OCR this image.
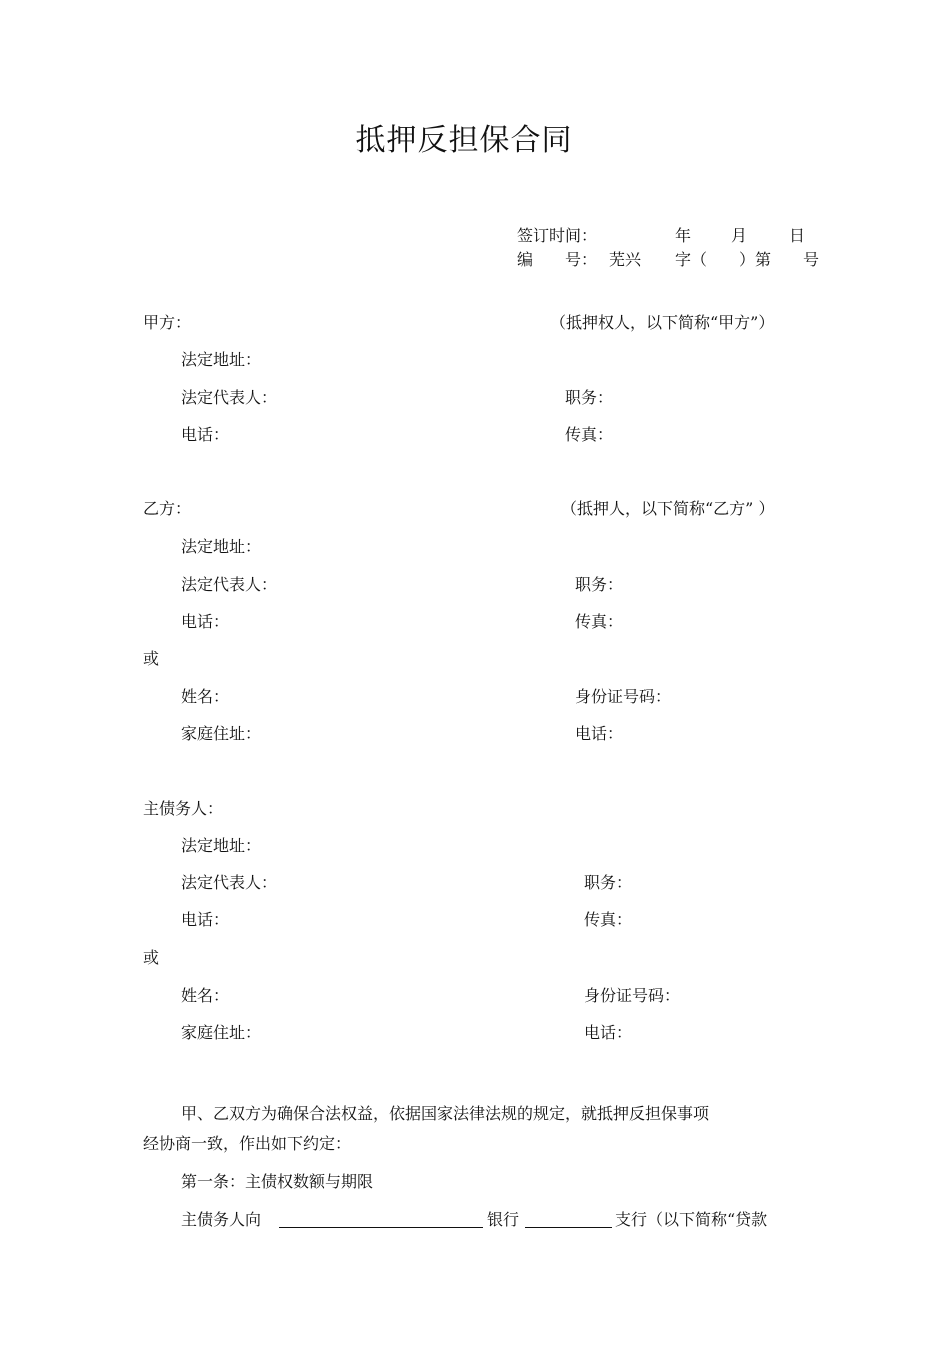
抵押反担保合同
签订时间：	年 月	日
编　　号： 芜兴 字（　　）第　　号
甲方：	（抵押权人，以下简称“甲方”）
法定地址：
法定代表人：	职务：
电话：	传真：
乙方：	（抵押人，以下简称“乙方” ）
法定地址：
法定代表人：	职务：
电话：	传真：
或
姓名：	身份证号码：
家庭住址：	电话：
主债务人：
法定地址：
法定代表人：	职务：
电话：	传真：
或
姓名：	身份证号码：
家庭住址：	电话：
甲、乙双方为确保合法权益，依据国家法律法规的规定，就抵押反担保事项
经协商一致，作出如下约定：
第一条：主债权数额与期限
主债务人向	银行	支行（以下简称“贷款
